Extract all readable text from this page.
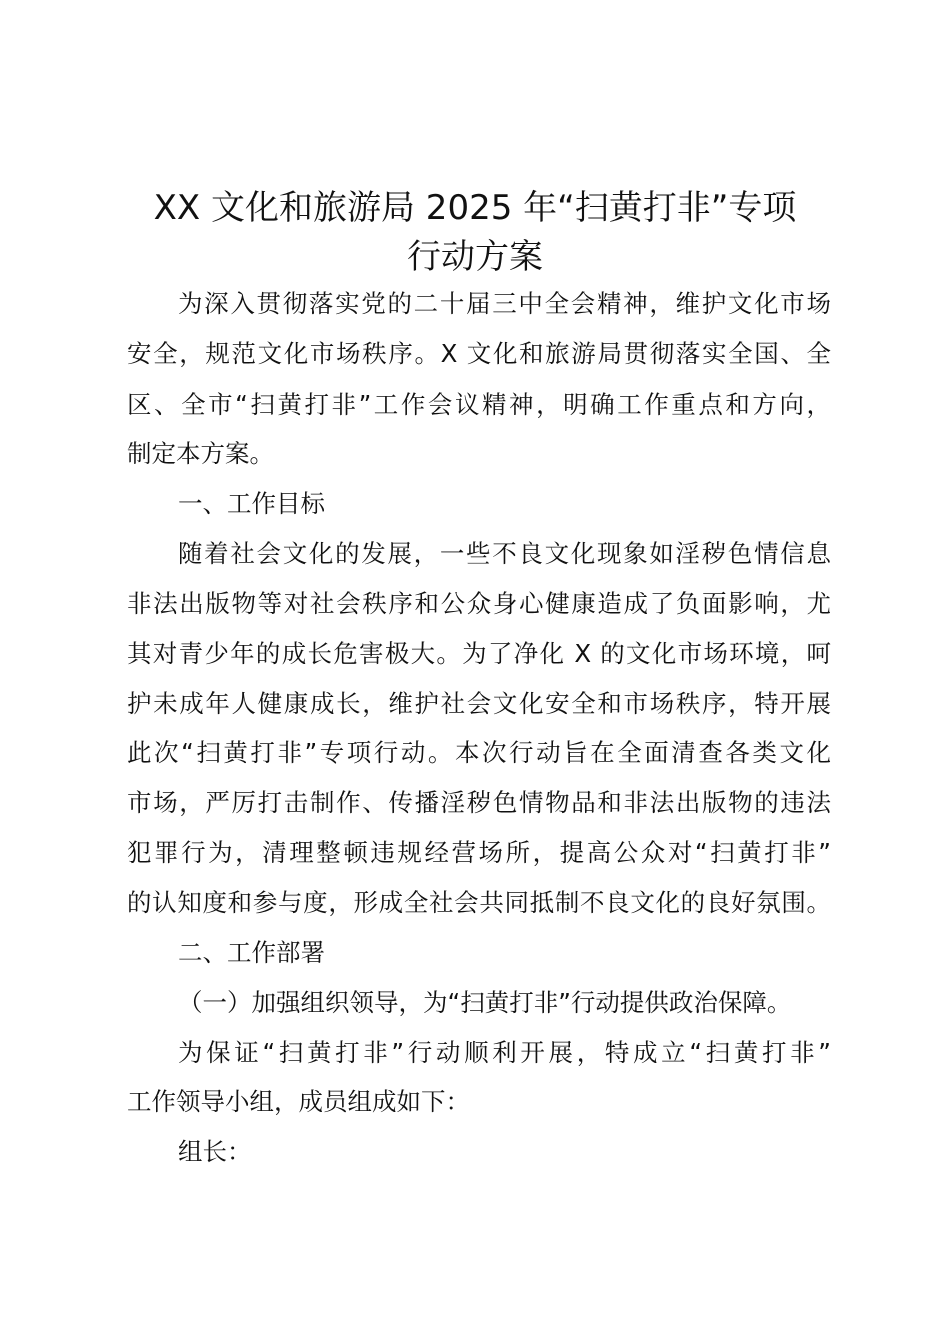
XX 文化和旅游局 2025 年“扫黄打非”专项
行动方案

为深入贯彻落实党的二十届三中全会精神，维护文化市场

安全，规范文化市场秩序。X 文化和旅游局贯彻落实全国、全

区、全市“扫黄打非”工作会议精神，明确工作重点和方向，

制定本方案。

一、工作目标

随着社会文化的发展，一些不良文化现象如淫秽色情信息

非法出版物等对社会秩序和公众身心健康造成了负面影响，尤

其对青少年的成长危害极大。为了净化 X 的文化市场环境，呵

护未成年人健康成长，维护社会文化安全和市场秩序，特开展

此次“扫黄打非”专项行动。本次行动旨在全面清查各类文化

市场，严厉打击制作、传播淫秽色情物品和非法出版物的违法

犯罪行为，清理整顿违规经营场所，提高公众对“扫黄打非”

的认知度和参与度，形成全社会共同抵制不良文化的良好氛围。

二、工作部署

（一）加强组织领导，为“扫黄打非”行动提供政治保障。

为保证“扫黄打非”行动顺利开展，特成立“扫黄打非”

工作领导小组，成员组成如下：

组长：
